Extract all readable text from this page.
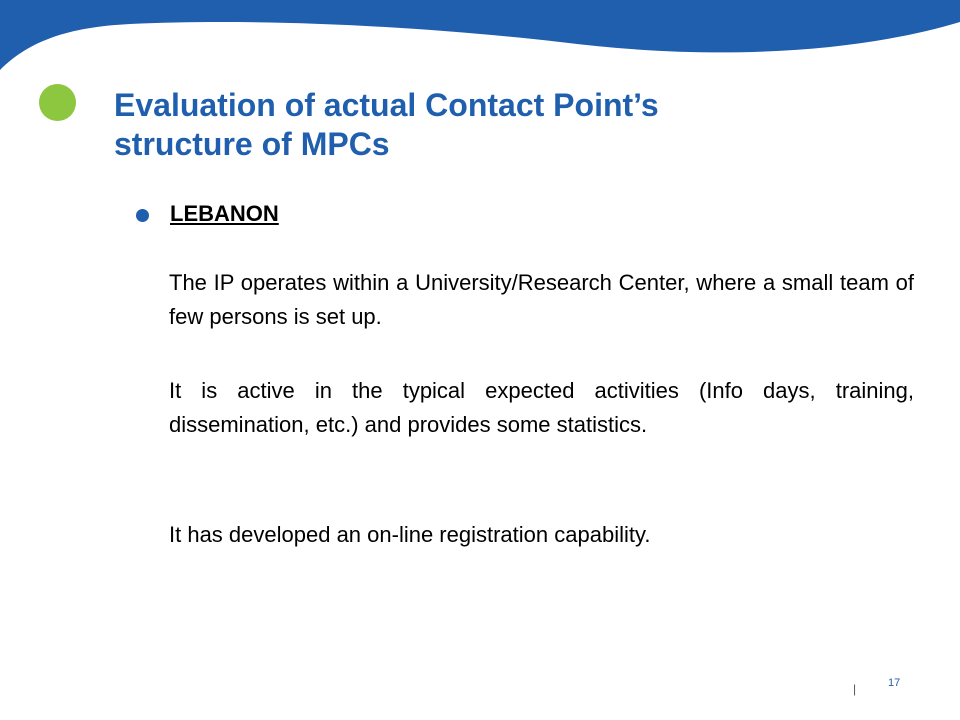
Evaluation of actual Contact Point’s
structure of MPCs
LEBANON

The IP operates within a University/Research Center, where a small team of few persons is set up.

It is active in the typical expected activities (Info days, training, dissemination, etc.) and provides some statistics.

It has developed an on-line registration capability.

|	17
